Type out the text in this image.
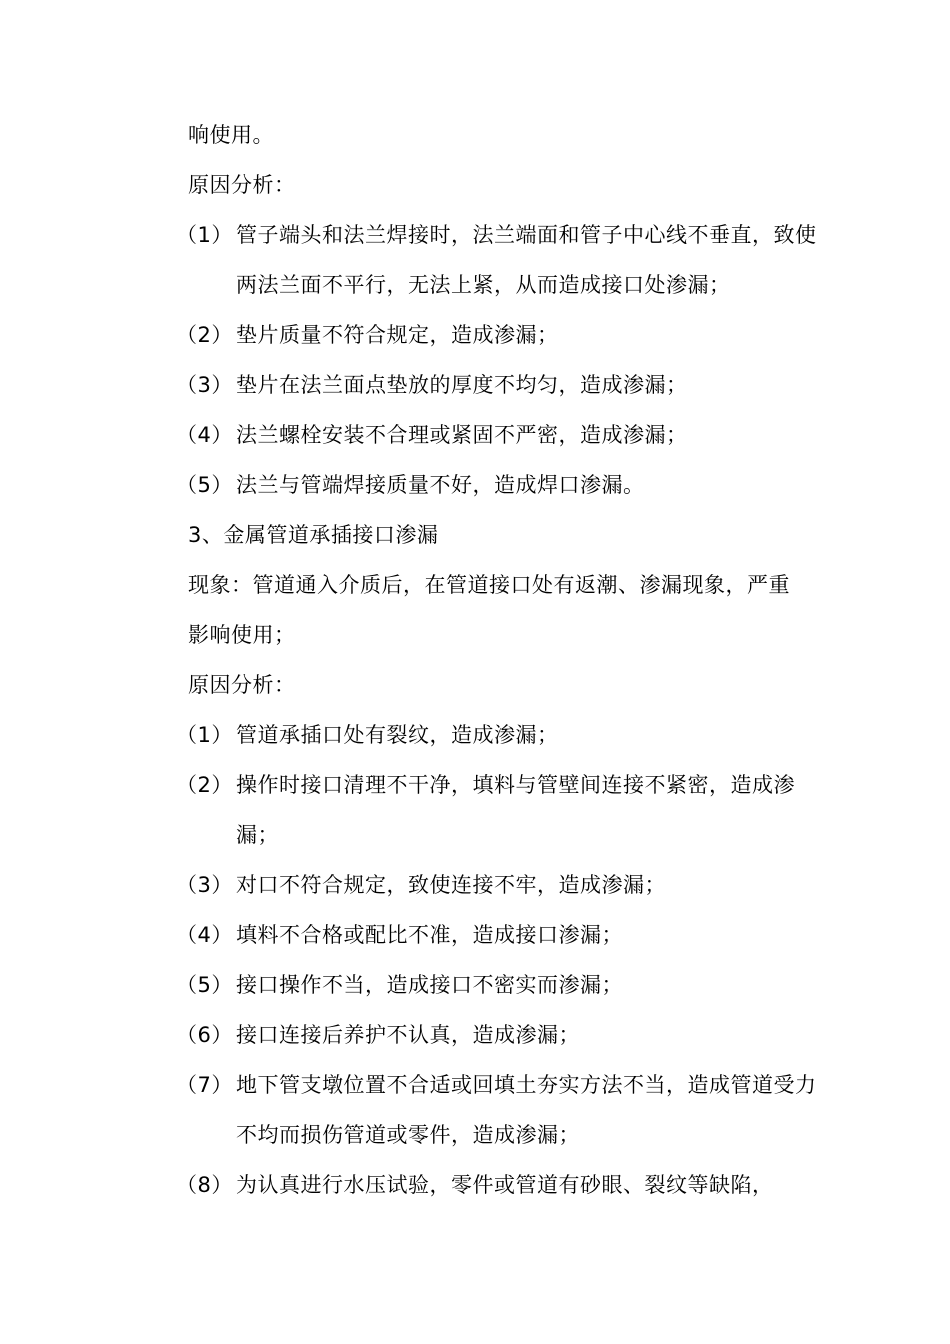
响使用。
原因分析：
（1） 管子端头和法兰焊接时，法兰端面和管子中心线不垂直，致使两法兰面不平行，无法上紧，从而造成接口处渗漏；
（2） 垫片质量不符合规定，造成渗漏；
（3） 垫片在法兰面点垫放的厚度不均匀，造成渗漏；
（4） 法兰螺栓安装不合理或紧固不严密，造成渗漏；
（5） 法兰与管端焊接质量不好，造成焊口渗漏。
3、金属管道承插接口渗漏
现象：管道通入介质后，在管道接口处有返潮、渗漏现象，严重
影响使用；
原因分析：
（1） 管道承插口处有裂纹，造成渗漏；
（2） 操作时接口清理不干净，填料与管壁间连接不紧密，造成渗漏；
（3） 对口不符合规定，致使连接不牢，造成渗漏；
（4） 填料不合格或配比不准，造成接口渗漏；
（5） 接口操作不当，造成接口不密实而渗漏；
（6） 接口连接后养护不认真，造成渗漏；
（7） 地下管支墩位置不合适或回填土夯实方法不当，造成管道受力不均而损伤管道或零件，造成渗漏；
（8） 为认真进行水压试验，零件或管道有砂眼、裂纹等缺陷，
